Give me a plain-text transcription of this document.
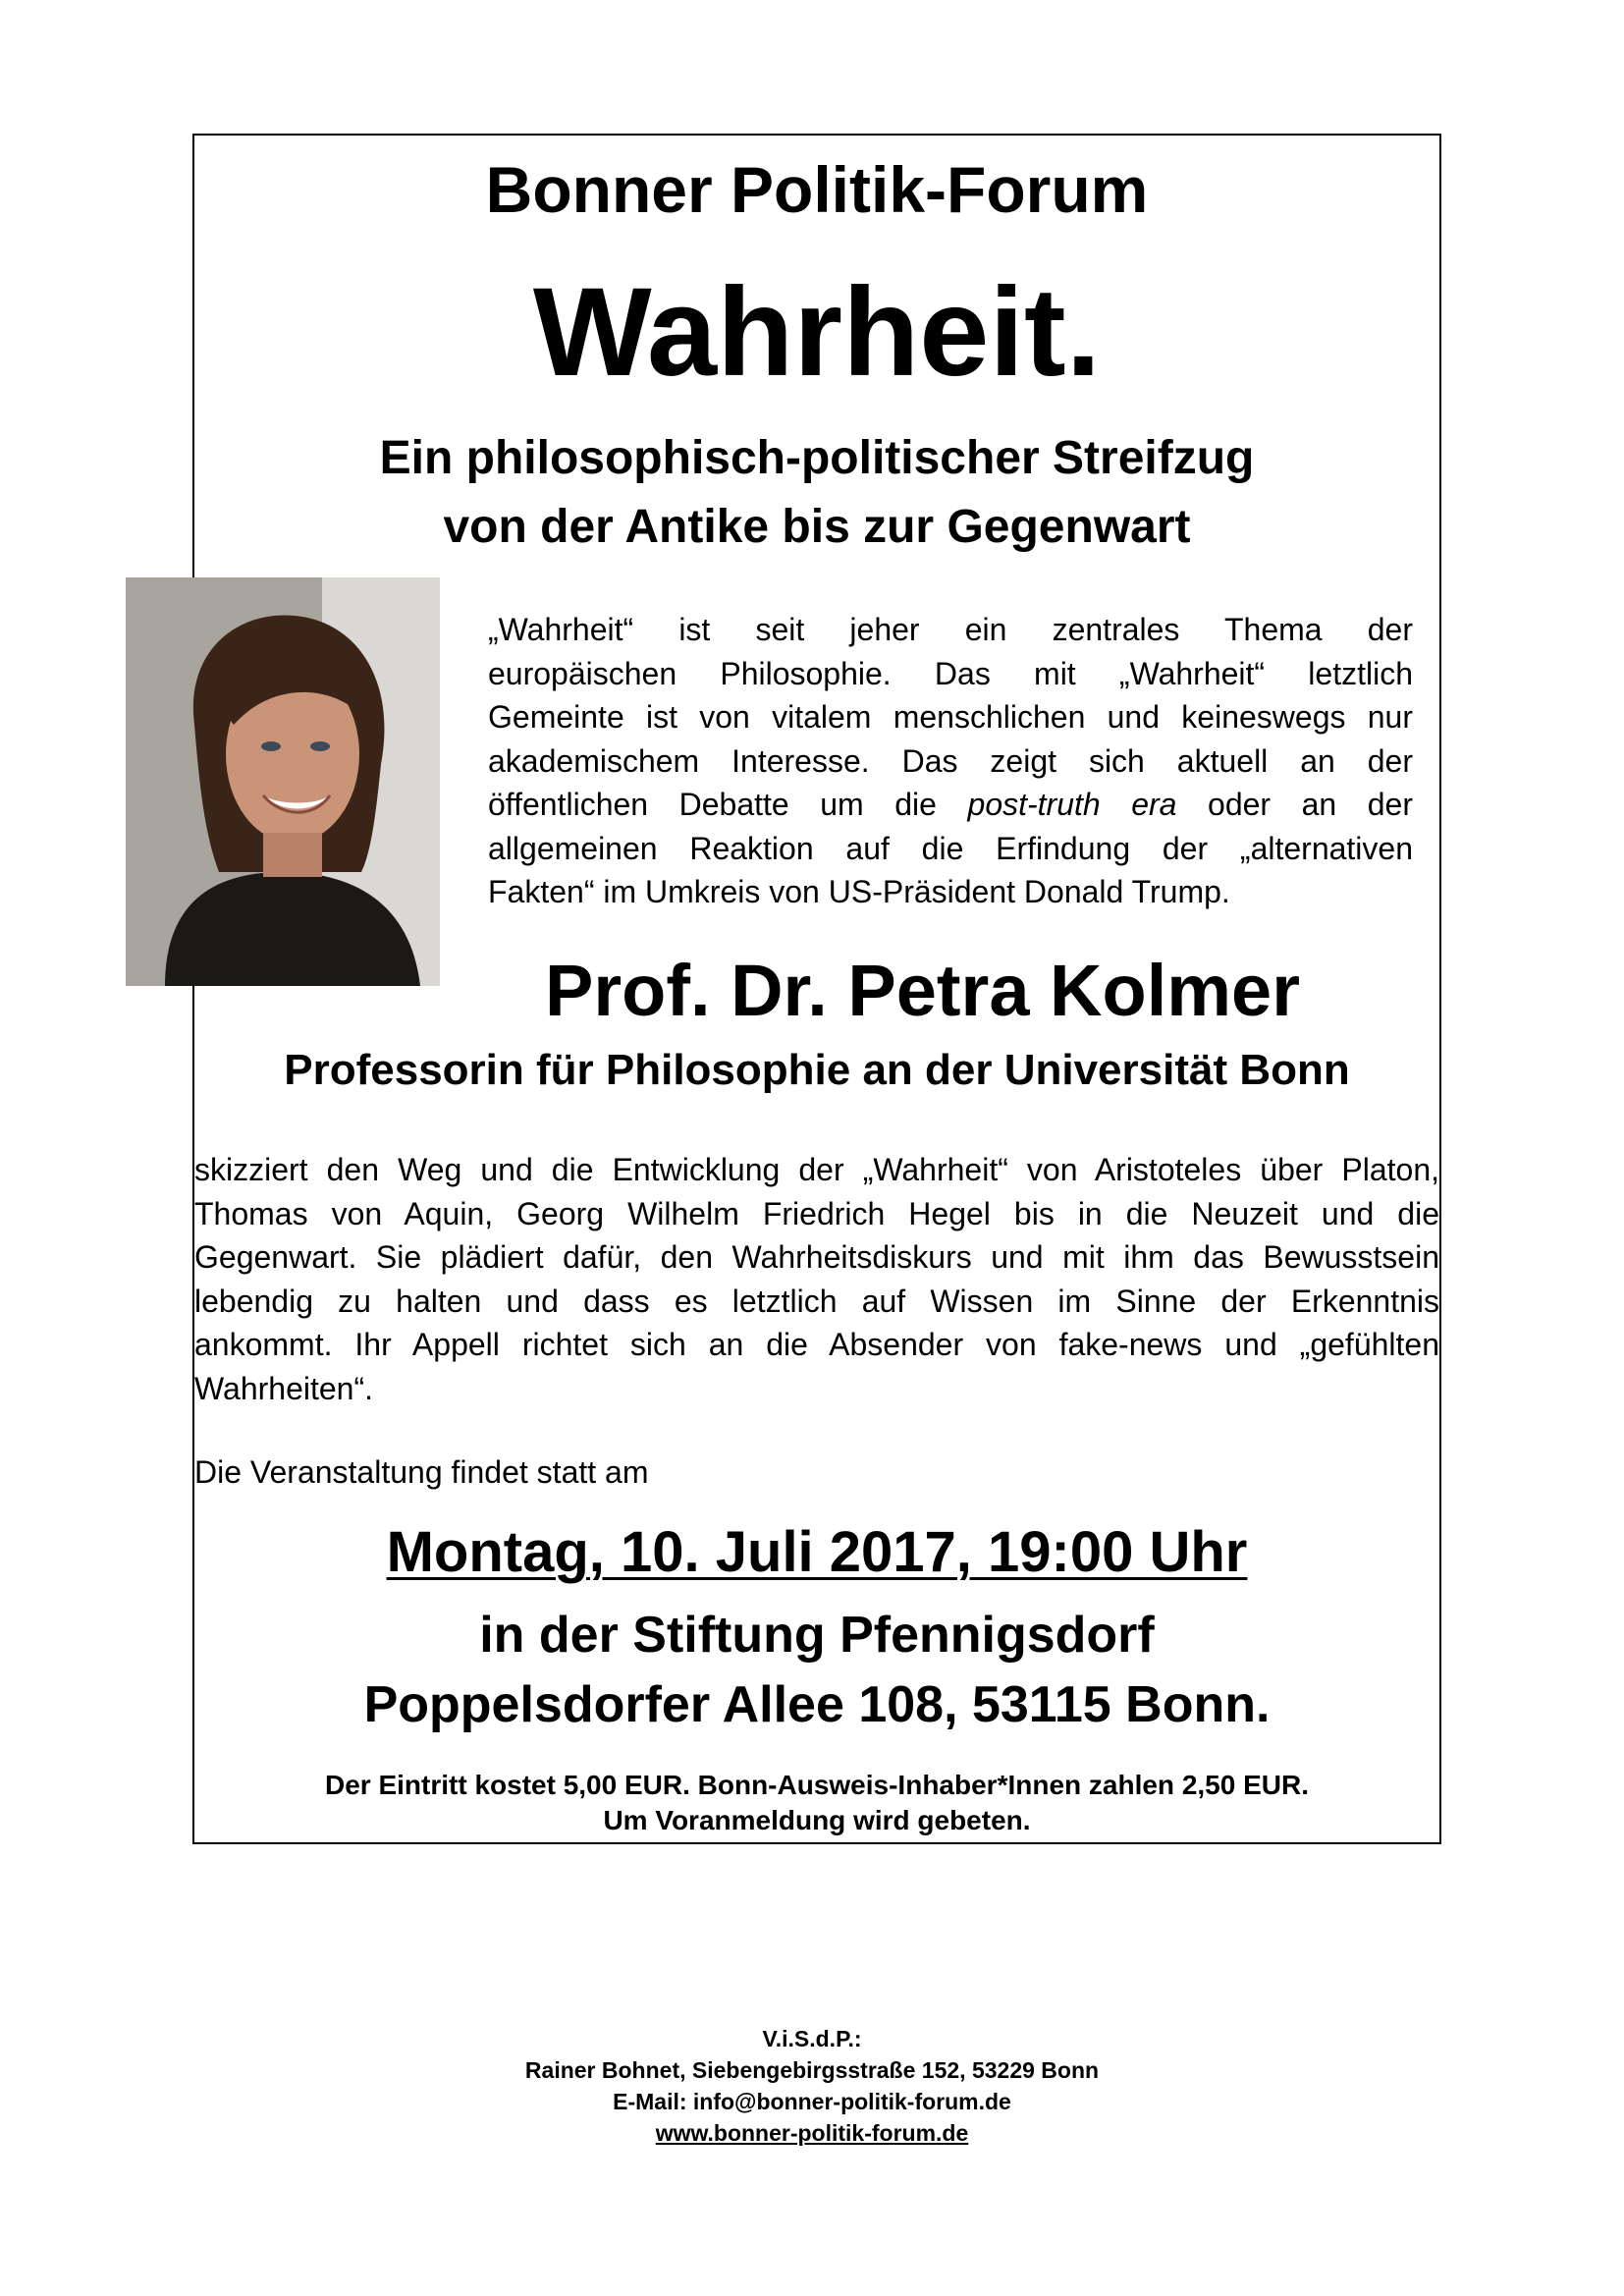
Bonner Politik-Forum
Wahrheit.
Ein philosophisch-politischer Streifzug
von der Antike bis zur Gegenwart
„Wahrheit“ ist seit jeher ein zentrales Thema der
europäischen Philosophie. Das mit „Wahrheit“ letztlich
Gemeinte ist von vitalem menschlichen und keineswegs nur
akademischem Interesse. Das zeigt sich aktuell an der
öffentlichen Debatte um die post-truth era oder an der
allgemeinen Reaktion auf die Erfindung der „alternativen
Fakten“ im Umkreis von US-Präsident Donald Trump.
Prof. Dr. Petra Kolmer
Professorin für Philosophie an der Universität Bonn
skizziert den Weg und die Entwicklung der „Wahrheit“ von Aristoteles über Platon,
Thomas von Aquin, Georg Wilhelm Friedrich Hegel bis in die Neuzeit und die
Gegenwart. Sie plädiert dafür, den Wahrheitsdiskurs und mit ihm das Bewusstsein
lebendig zu halten und dass es letztlich auf Wissen im Sinne der Erkenntnis
ankommt. Ihr Appell richtet sich an die Absender von fake-news und „gefühlten
Wahrheiten“.
Die Veranstaltung findet statt am
Montag, 10. Juli 2017, 19:00 Uhr
in der Stiftung Pfennigsdorf
Poppelsdorfer Allee 108, 53115 Bonn.
Der Eintritt kostet 5,00 EUR. Bonn-Ausweis-Inhaber*Innen zahlen 2,50 EUR.
Um Voranmeldung wird gebeten.
V.i.S.d.P.:
Rainer Bohnet, Siebengebirgsstraße 152, 53229 Bonn
E-Mail: info@bonner-politik-forum.de
www.bonner-politik-forum.de
